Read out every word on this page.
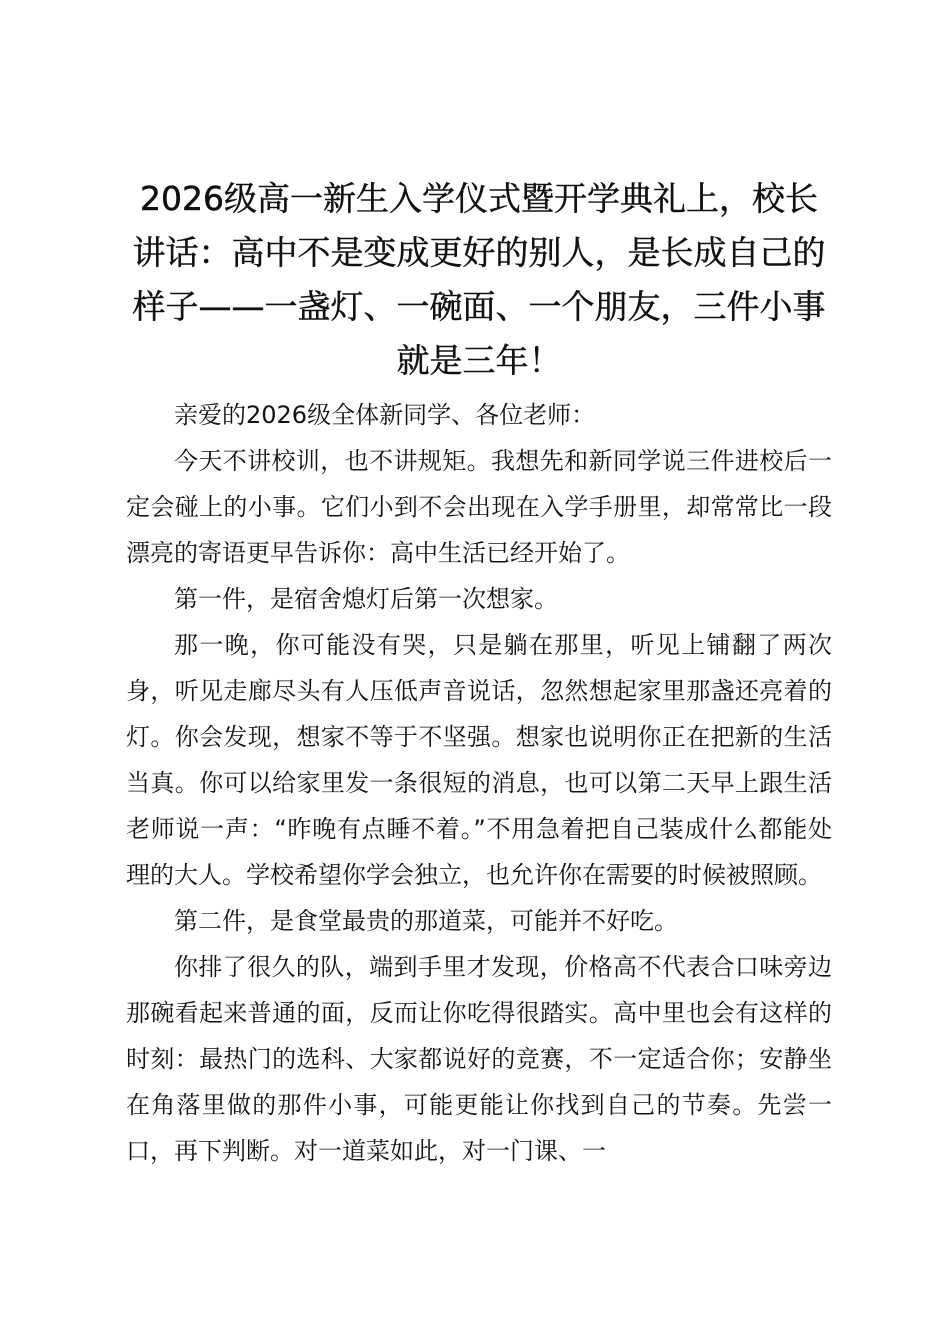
2026级高一新生入学仪式暨开学典礼上，校长讲话：高中不是变成更好的别人，是长成自己的样子——一盏灯、一碗面、一个朋友，三件小事就是三年！

亲爱的2026级全体新同学、各位老师：

今天不讲校训，也不讲规矩。我想先和新同学说三件进校后一定会碰上的小事。它们小到不会出现在入学手册里，却常常比一段漂亮的寄语更早告诉你：高中生活已经开始了。

第一件，是宿舍熄灯后第一次想家。

那一晚，你可能没有哭，只是躺在那里，听见上铺翻了两次身，听见走廊尽头有人压低声音说话，忽然想起家里那盏还亮着的灯。你会发现，想家不等于不坚强。想家也说明你正在把新的生活当真。你可以给家里发一条很短的消息，也可以第二天早上跟生活老师说一声：“昨晚有点睡不着。”不用急着把自己装成什么都能处理的大人。学校希望你学会独立，也允许你在需要的时候被照顾。

第二件，是食堂最贵的那道菜，可能并不好吃。

你排了很久的队，端到手里才发现，价格高不代表合口味旁边那碗看起来普通的面，反而让你吃得很踏实。高中里也会有这样的时刻：最热门的选科、大家都说好的竞赛，不一定适合你；安静坐在角落里做的那件小事，可能更能让你找到自己的节奏。先尝一口，再下判断。对一道菜如此，对一门课、一
